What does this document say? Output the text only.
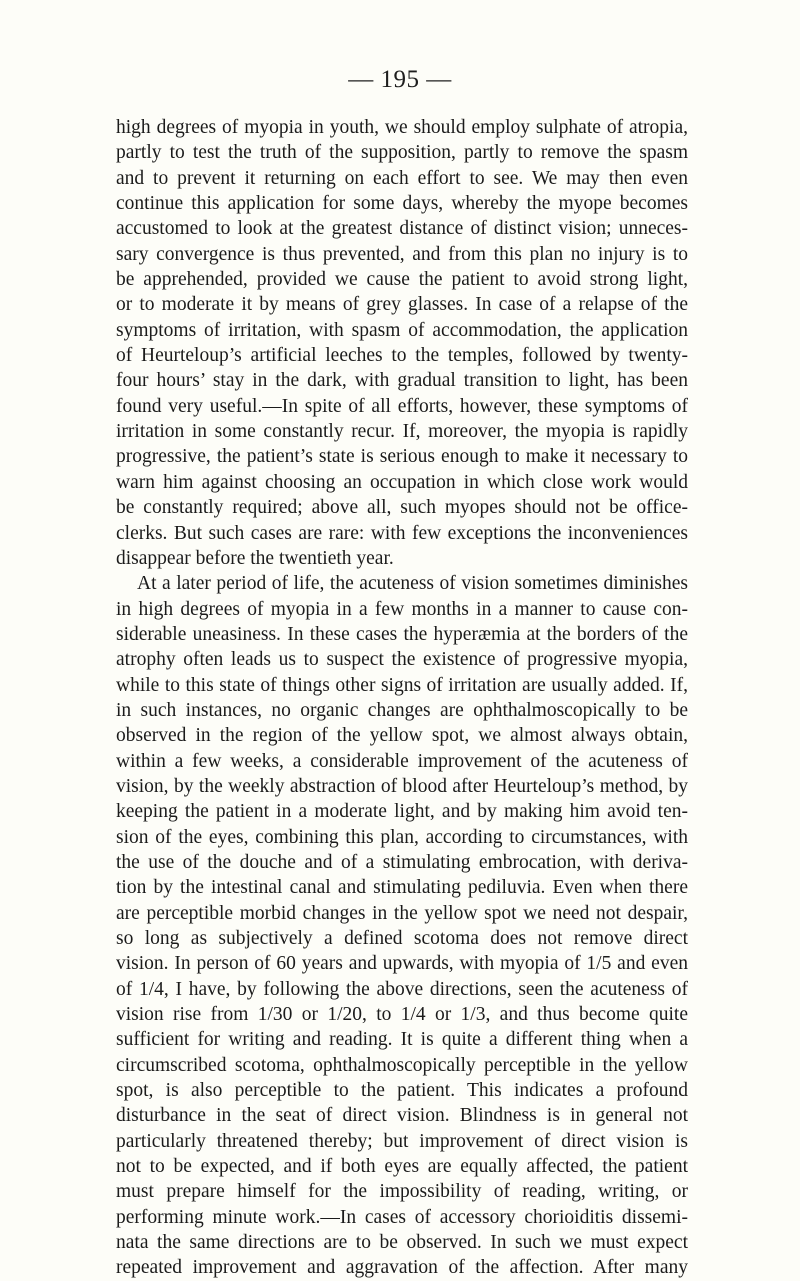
— 195 —
high degrees of myopia in youth, we should employ sulphate of atropia,
partly to test the truth of the supposition, partly to remove the spasm
and to prevent it returning on each effort to see. We may then even
continue this application for some days, whereby the myope becomes
accustomed to look at the greatest distance of distinct vision; unneces-
sary convergence is thus prevented, and from this plan no injury is to
be apprehended, provided we cause the patient to avoid strong light,
or to moderate it by means of grey glasses. In case of a relapse of the
symptoms of irritation, with spasm of accommodation, the application
of Heurteloup’s artificial leeches to the temples, followed by twenty-
four hours’ stay in the dark, with gradual transition to light, has been
found very useful.—In spite of all efforts, however, these symptoms of
irritation in some constantly recur. If, moreover, the myopia is rapidly
progressive, the patient’s state is serious enough to make it necessary to
warn him against choosing an occupation in which close work would
be constantly required; above all, such myopes should not be office-
clerks. But such cases are rare: with few exceptions the inconveniences
disappear before the twentieth year.
At a later period of life, the acuteness of vision sometimes diminishes
in high degrees of myopia in a few months in a manner to cause con-
siderable uneasiness. In these cases the hyperæmia at the borders of the
atrophy often leads us to suspect the existence of progressive myopia,
while to this state of things other signs of irritation are usually added. If,
in such instances, no organic changes are ophthalmoscopically to be
observed in the region of the yellow spot, we almost always obtain,
within a few weeks, a considerable improvement of the acuteness of
vision, by the weekly abstraction of blood after Heurteloup’s method, by
keeping the patient in a moderate light, and by making him avoid ten-
sion of the eyes, combining this plan, according to circumstances, with
the use of the douche and of a stimulating embrocation, with deriva-
tion by the intestinal canal and stimulating pediluvia. Even when there
are perceptible morbid changes in the yellow spot we need not despair,
so long as subjectively a defined scotoma does not remove direct
vision. In person of 60 years and upwards, with myopia of 1/5 and even
of 1/4, I have, by following the above directions, seen the acuteness of
vision rise from 1/30 or 1/20, to 1/4 or 1/3, and thus become quite
sufficient for writing and reading. It is quite a different thing when a
circumscribed scotoma, ophthalmoscopically perceptible in the yellow
spot, is also perceptible to the patient. This indicates a profound
disturbance in the seat of direct vision. Blindness is in general not
particularly threatened thereby; but improvement of direct vision is
not to be expected, and if both eyes are equally affected, the patient
must prepare himself for the impossibility of reading, writing, or
performing minute work.—In cases of accessory chorioiditis dissemi-
nata the same directions are to be observed. In such we must expect
repeated improvement and aggravation of the affection. After many
